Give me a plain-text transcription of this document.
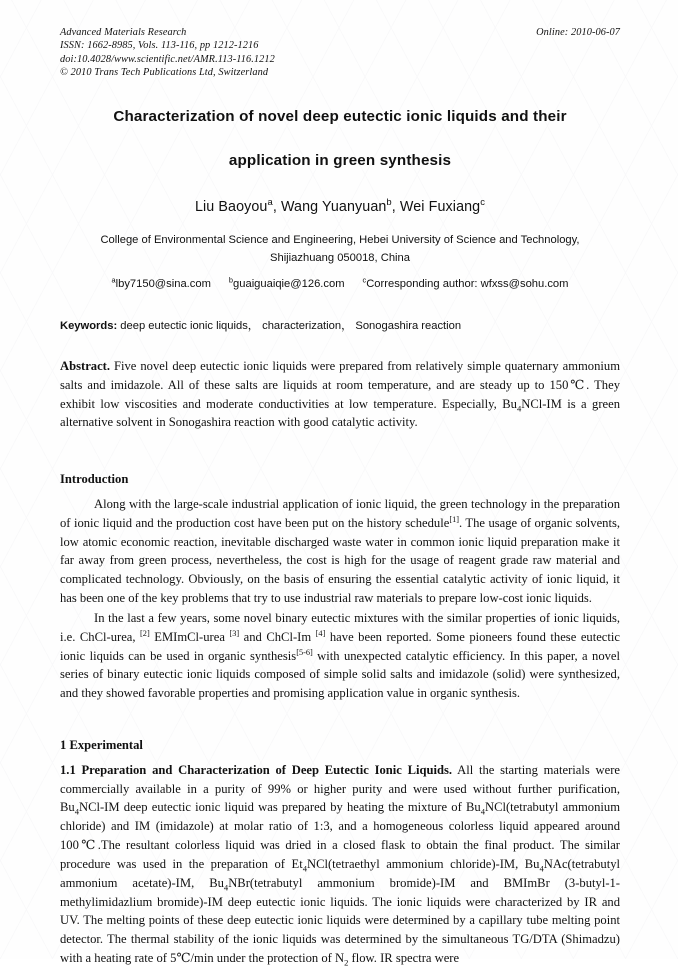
Advanced Materials Research
ISSN: 1662-8985, Vols. 113-116, pp 1212-1216
doi:10.4028/www.scientific.net/AMR.113-116.1212
© 2010 Trans Tech Publications Ltd, Switzerland
Online: 2010-06-07
Characterization of novel deep eutectic ionic liquids and their
application in green synthesis
Liu Baoyou$^a$, Wang Yuanyuan$^b$, Wei Fuxiang$^c$
College of Environmental Science and Engineering, Hebei University of Science and Technology,
Shijiazhuang 050018, China
$^a$lby7150@sina.com $^b$guaiguaiqie@126.com $^c$Corresponding author: wfxss@sohu.com
Keywords: deep eutectic ionic liquids， characterization， Sonogashira reaction
Abstract. Five novel deep eutectic ionic liquids were prepared from relatively simple quaternary ammonium salts and imidazole. All of these salts are liquids at room temperature, and are steady up to 150℃. They exhibit low viscosities and moderate conductivities at low temperature. Especially, $Bu_4NCl-IM$ is a green alternative solvent in Sonogashira reaction with good catalytic activity.
Introduction

Along with the large-scale industrial application of ionic liquid, the green technology in the preparation of ionic liquid and the production cost have been put on the history schedule[1]. The usage of organic solvents, low atomic economic reaction, inevitable discharged waste water in common ionic liquid preparation make it far away from green process, nevertheless, the cost is high for the usage of reagent grade raw material and complicated technology. Obviously, on the basis of ensuring the essential catalytic activity of ionic liquid, it has been one of the key problems that try to use industrial raw materials to prepare low-cost ionic liquids.

In the last a few years, some novel binary eutectic mixtures with the similar properties of ionic liquids, i.e. ChCl-urea, [2] EMImCl-urea [3] and ChCl-Im [4] have been reported. Some pioneers found these eutectic ionic liquids can be used in organic synthesis[5-6] with unexpected catalytic efficiency. In this paper, a novel series of binary eutectic ionic liquids composed of simple solid salts and imidazole (solid) were synthesized, and they showed favorable properties and promising application value in organic synthesis.

1 Experimental

1.1 Preparation and Characterization of Deep Eutectic Ionic Liquids. All the starting materials were commercially available in a purity of 99% or higher purity and were used without further purification, $Bu_4NCl-IM$ deep eutectic ionic liquid was prepared by heating the mixture of $Bu_4NCl(tetrabutyl$ ammonium chloride) and IM (imidazole) at molar ratio of 1:3, and a homogeneous colorless liquid appeared around 100℃.The resultant colorless liquid was dried in a closed flask to obtain the final product. The similar procedure was used in the preparation of $Et_4NCl(tetraethyl$ ammonium chloride)-IM, $Bu_4NAc(tetrabutyl$ ammonium acetate)-IM, $Bu_4NBr(tetrabutyl$ ammonium bromide)-IM and BMImBr (3-butyl-1-methylimidazlium bromide)-IM deep eutectic ionic liquids. The ionic liquids were characterized by IR and UV. The melting points of these deep eutectic ionic liquids were determined by a capillary tube melting point detector. The thermal stability of the ionic liquids was determined by the simultaneous TG/DTA (Shimadzu) with a heating rate of 5℃/min under the protection of $N_2$ flow. IR spectra were
